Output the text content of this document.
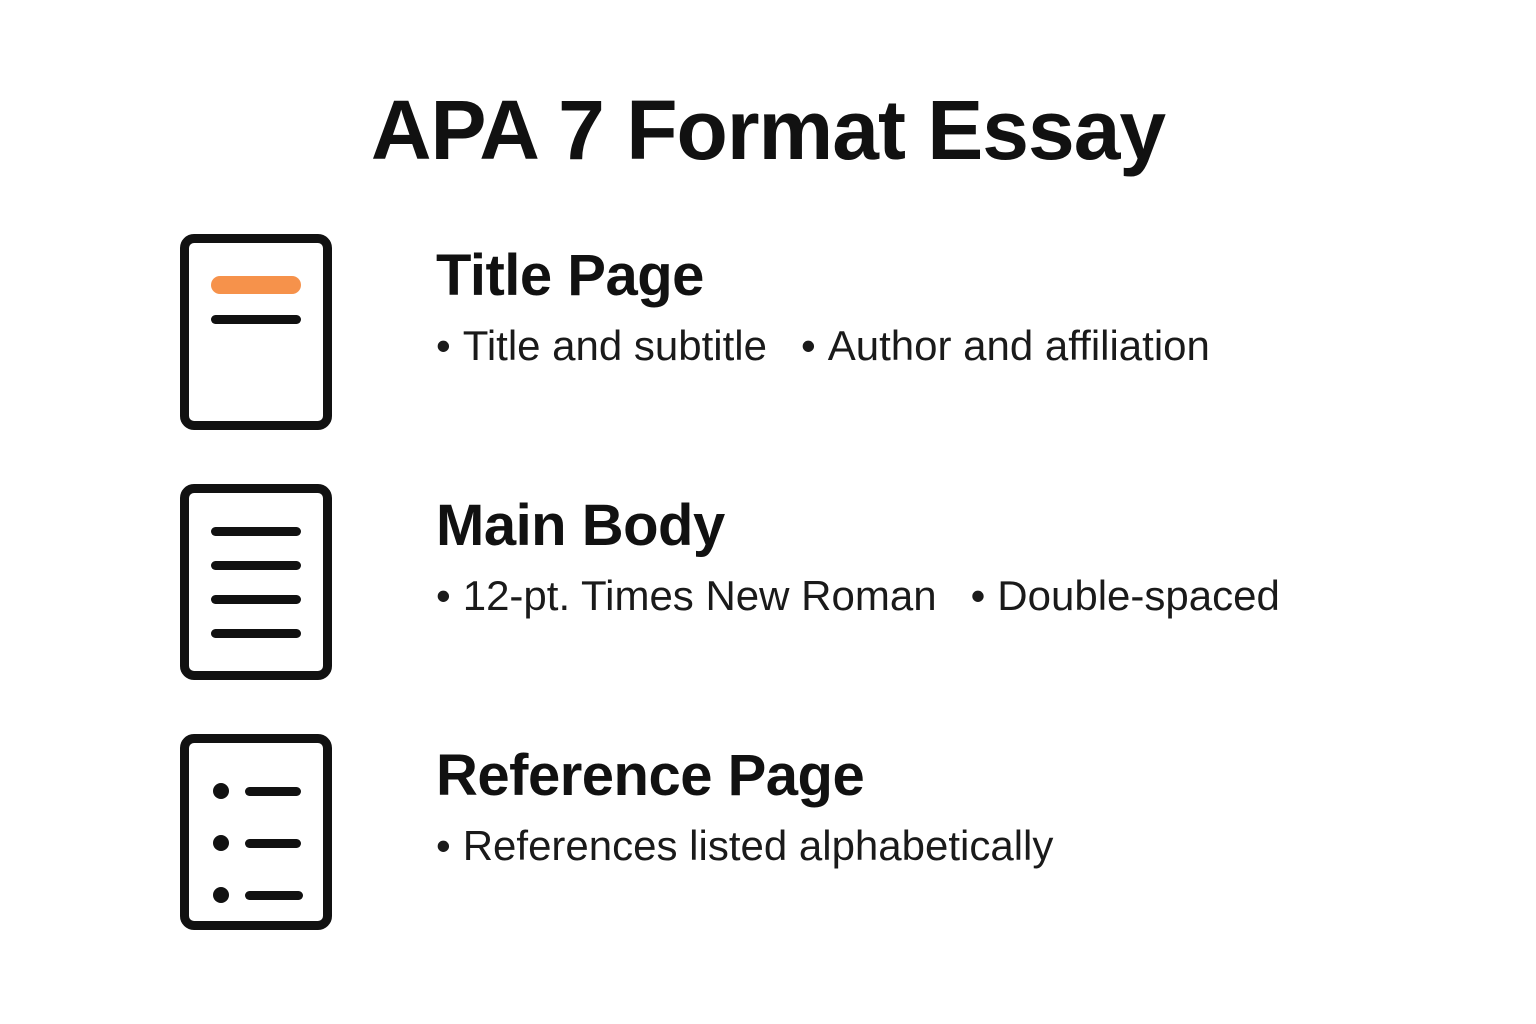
APA 7 Format Essay
Title Page
• Title and subtitle • Author and affiliation
Main Body
• 12-pt. Times New Roman • Double-spaced
Reference Page
• References listed alphabetically
